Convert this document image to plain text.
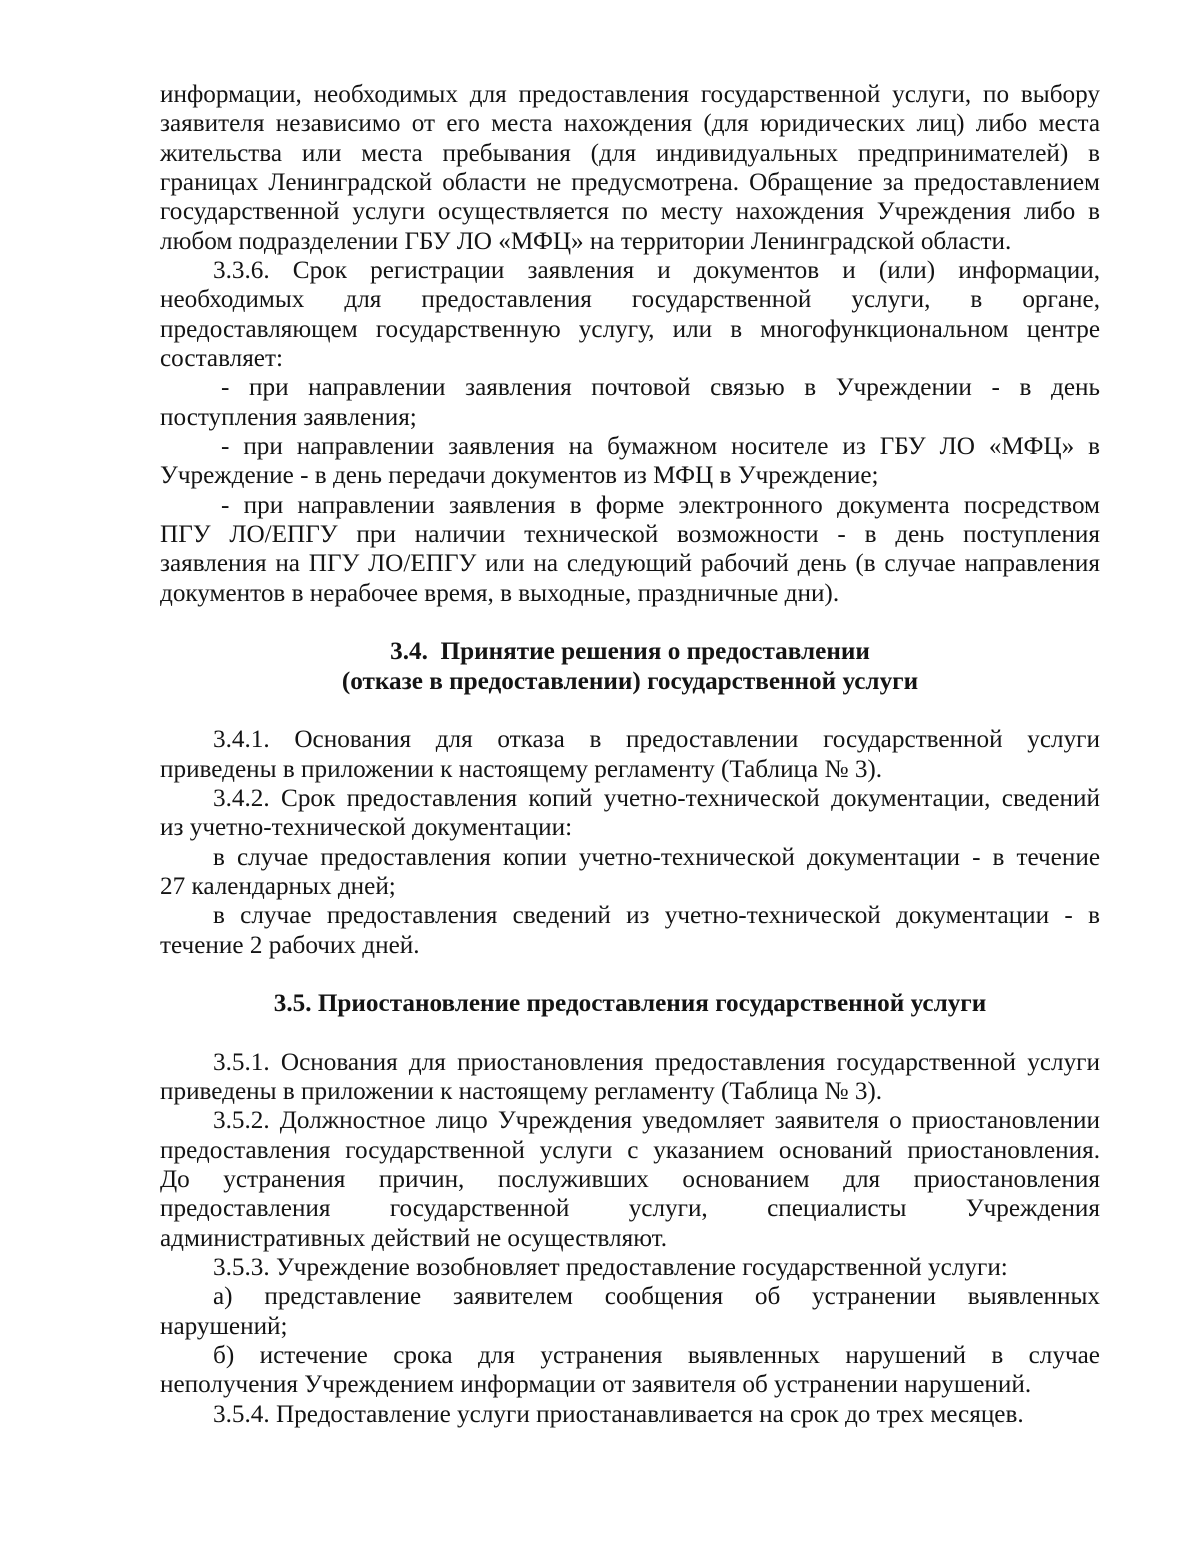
информации, необходимых для предоставления государственной услуги, по выбору
заявителя независимо от его места нахождения (для юридических лиц) либо места
жительства или места пребывания (для индивидуальных предпринимателей) в
границах Ленинградской области не предусмотрена. Обращение за предоставлением
государственной услуги осуществляется по месту нахождения Учреждения либо в
любом подразделении ГБУ ЛО «МФЦ» на территории Ленинградской области.
3.3.6. Срок регистрации заявления и документов и (или) информации,
необходимых для предоставления государственной услуги, в органе,
предоставляющем государственную услугу, или в многофункциональном центре
составляет:
- при направлении заявления почтовой связью в Учреждении - в день
поступления заявления;
- при направлении заявления на бумажном носителе из ГБУ ЛО «МФЦ» в
Учреждение - в день передачи документов из МФЦ в Учреждение;
- при направлении заявления в форме электронного документа посредством
ПГУ ЛО/ЕПГУ при наличии технической возможности - в день поступления
заявления на ПГУ ЛО/ЕПГУ или на следующий рабочий день (в случае направления
документов в нерабочее время, в выходные, праздничные дни).
3.4.  Принятие решения о предоставлении
(отказе в предоставлении) государственной услуги
3.4.1. Основания для отказа в предоставлении государственной услуги
приведены в приложении к настоящему регламенту (Таблица № 3).
3.4.2. Срок предоставления копий учетно-технической документации, сведений
из учетно-технической документации:
в случае предоставления копии учетно-технической документации - в течение
27 календарных дней;
в случае предоставления сведений из учетно-технической документации - в
течение 2 рабочих дней.
3.5. Приостановление предоставления государственной услуги
3.5.1. Основания для приостановления предоставления государственной услуги
приведены в приложении к настоящему регламенту (Таблица № 3).
3.5.2. Должностное лицо Учреждения уведомляет заявителя о приостановлении
предоставления государственной услуги с указанием оснований приостановления.
До устранения причин, послуживших основанием для приостановления
предоставления государственной услуги, специалисты Учреждения
административных действий не осуществляют.
3.5.3. Учреждение возобновляет предоставление государственной услуги:
а) представление заявителем сообщения об устранении выявленных
нарушений;
б) истечение срока для устранения выявленных нарушений в случае
неполучения Учреждением информации от заявителя об устранении нарушений.
3.5.4. Предоставление услуги приостанавливается на срок до трех месяцев.
